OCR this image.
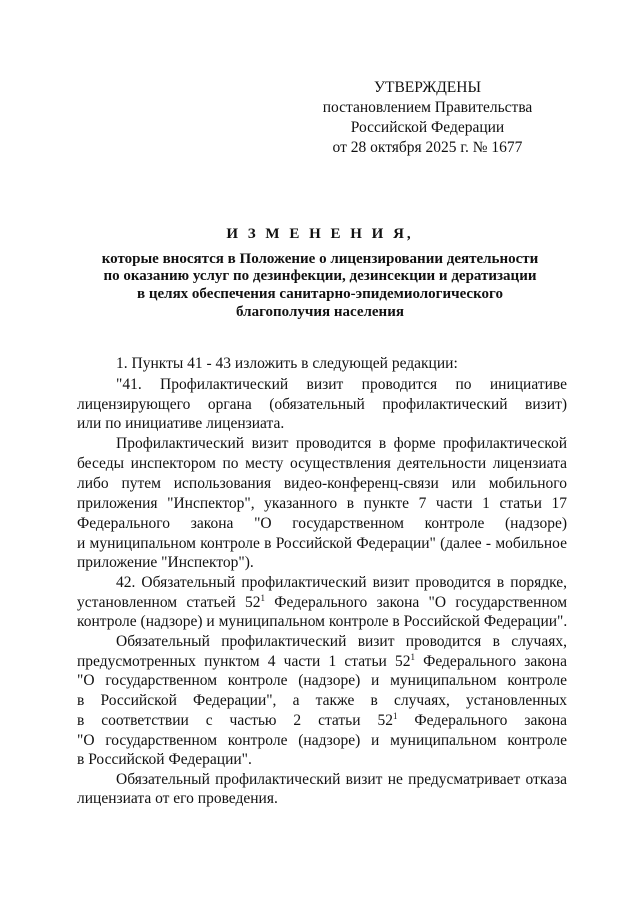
УТВЕРЖДЕНЫ
постановлением Правительства
Российской Федерации
от 28 октября 2025 г. № 1677
И З М Е Н Е Н И Я,
которые вносятся в Положение о лицензировании деятельности
по оказанию услуг по дезинфекции, дезинсекции и дератизации
в целях обеспечения санитарно-эпидемиологического
благополучия населения
1. Пункты 41 - 43 изложить в следующей редакции:
"41. Профилактический визит проводится по инициативе
лицензирующего органа (обязательный профилактический визит)
или по инициативе лицензиата.
Профилактический визит проводится в форме профилактической
беседы инспектором по месту осуществления деятельности лицензиата
либо путем использования видео-конференц-связи или мобильного
приложения "Инспектор", указанного в пункте 7 части 1 статьи 17
Федерального закона "О государственном контроле (надзоре)
и муниципальном контроле в Российской Федерации" (далее - мобильное
приложение "Инспектор").
42. Обязательный профилактический визит проводится в порядке,
установленном статьей $52^1$ Федерального закона "О государственном
контроле (надзоре) и муниципальном контроле в Российской Федерации".
Обязательный профилактический визит проводится в случаях,
предусмотренных пунктом 4 части 1 статьи $52^1$ Федерального закона
"О государственном контроле (надзоре) и муниципальном контроле
в Российской Федерации", а также в случаях, установленных
в соответствии с частью 2 статьи $52^1$ Федерального закона
"О государственном контроле (надзоре) и муниципальном контроле
в Российской Федерации".
Обязательный профилактический визит не предусматривает отказа
лицензиата от его проведения.
